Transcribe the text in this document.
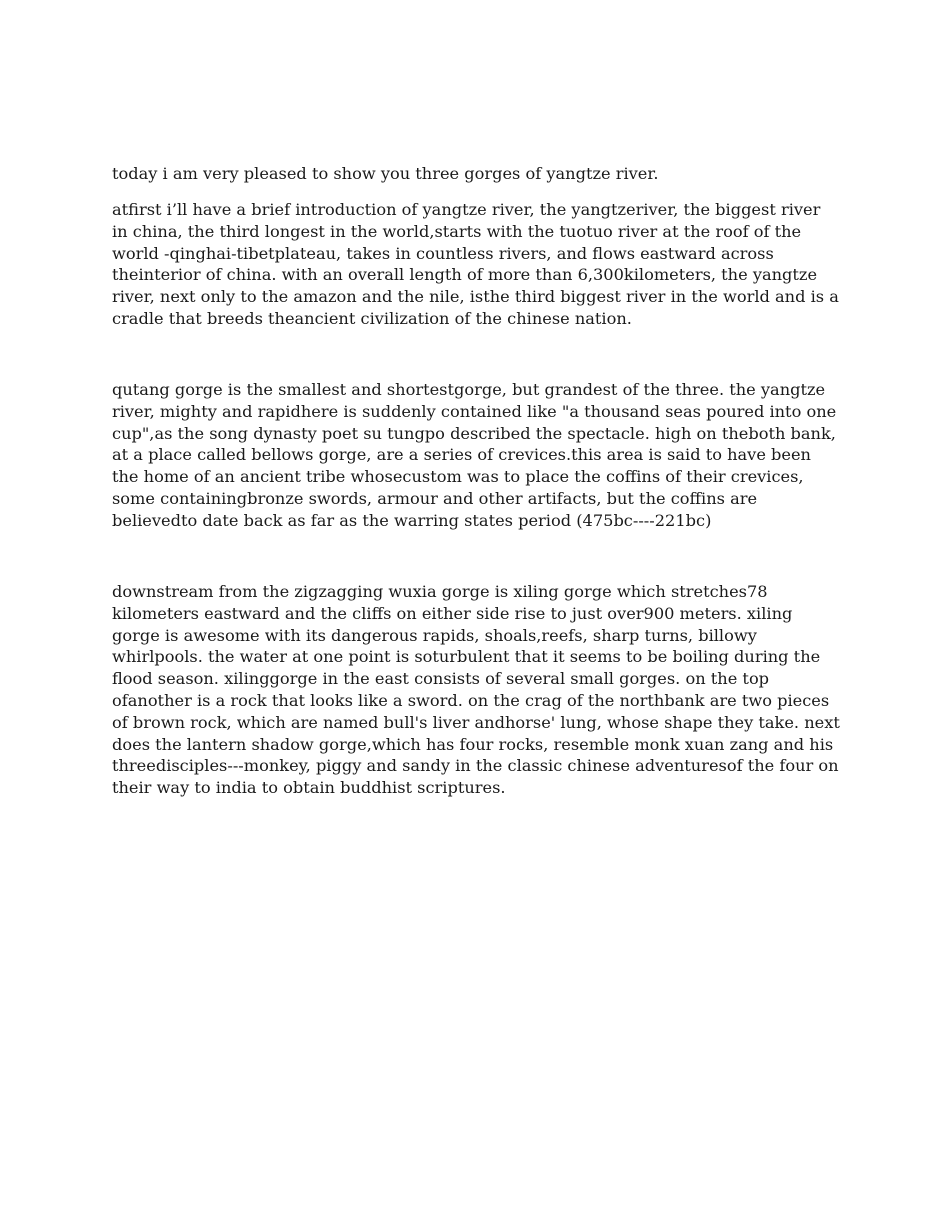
today i am very pleased to show you three gorges of yangtze river.

atfirst i’ll have a brief introduction of yangtze river, the yangtzeriver, the biggest river in china, the third longest in the world,starts with the tuotuo river at the roof of the world -qinghai-tibetplateau, takes in countless rivers, and flows eastward across theinterior of china. with an overall length of more than 6,300kilometers, the yangtze river, next only to the amazon and the nile, isthe third biggest river in the world and is a cradle that breeds theancient civilization of the chinese nation.

qutang gorge is the smallest and shortestgorge, but grandest of the three. the yangtze river, mighty and rapidhere is suddenly contained like "a thousand seas poured into one cup",as the song dynasty poet su tungpo described the spectacle. high on theboth bank, at a place called bellows gorge, are a series of crevices.this area is said to have been the home of an ancient tribe whosecustom was to place the coffins of their crevices, some containingbronze swords, armour and other artifacts, but the coffins are believedto date back as far as the warring states period (475bc----221bc)

downstream from the zigzagging wuxia gorge is xiling gorge which stretches78 kilometers eastward and the cliffs on either side rise to just over900 meters. xiling gorge is awesome with its dangerous rapids, shoals,reefs, sharp turns, billowy whirlpools. the water at one point is soturbulent that it seems to be boiling during the flood season. xilinggorge in the east consists of several small gorges. on the top ofanother is a rock that looks like a sword. on the crag of the northbank are two pieces of brown rock, which are named bull's liver andhorse' lung, whose shape they take. next does the lantern shadow gorge,which has four rocks, resemble monk xuan zang and his threedisciples---monkey, piggy and sandy in the classic chinese adventuresof the four on their way to india to obtain buddhist scriptures.
